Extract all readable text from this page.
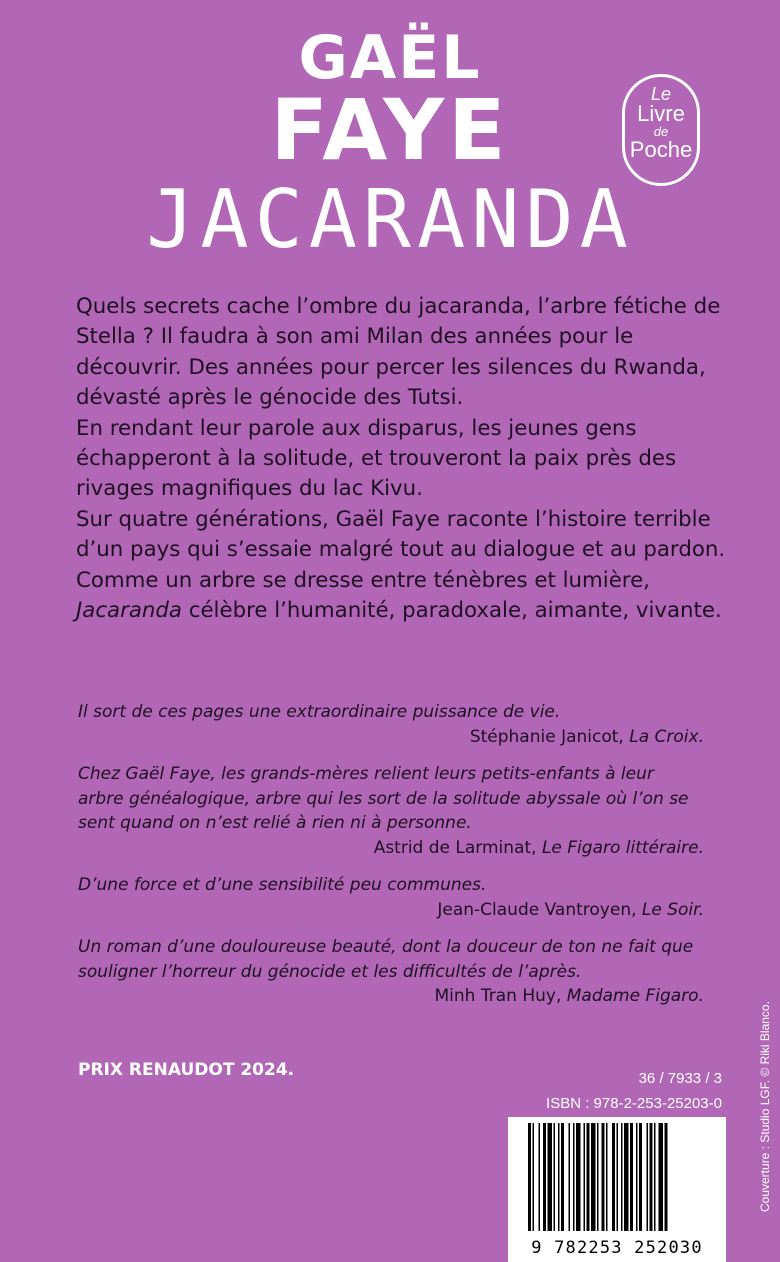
GAËL
FAYE
JACARANDA
Le
Livre
de
Poche

Quels secrets cache l’ombre du jacaranda, l’arbre fétiche de Stella ? Il faudra à son ami Milan des années pour le découvrir. Des années pour percer les silences du Rwanda, dévasté après le génocide des Tutsi.

En rendant leur parole aux disparus, les jeunes gens échapperont à la solitude, et trouveront la paix près des rivages magnifiques du lac Kivu.

Sur quatre générations, Gaël Faye raconte l’histoire terrible d’un pays qui s’essaie malgré tout au dialogue et au pardon. Comme un arbre se dresse entre ténèbres et lumière, Jacaranda célèbre l’humanité, paradoxale, aimante, vivante.

Il sort de ces pages une extraordinaire puissance de vie.
Stéphanie Janicot, La Croix.
Chez Gaël Faye, les grands-mères relient leurs petits-enfants à leur arbre généalogique, arbre qui les sort de la solitude abyssale où l’on se sent quand on n’est relié à rien ni à personne.
Astrid de Larminat, Le Figaro littéraire.
D’une force et d’une sensibilité peu communes.
Jean-Claude Vantroyen, Le Soir.
Un roman d’une douloureuse beauté, dont la douceur de ton ne fait que souligner l’horreur du génocide et les difficultés de l’après.
Minh Tran Huy, Madame Figaro.
PRIX RENAUDOT 2024.	36 / 7933 / 3
ISBN : 978-2-253-25203-0
9 782253 252030
Couverture : Studio LGF. © Riki Blanco.
